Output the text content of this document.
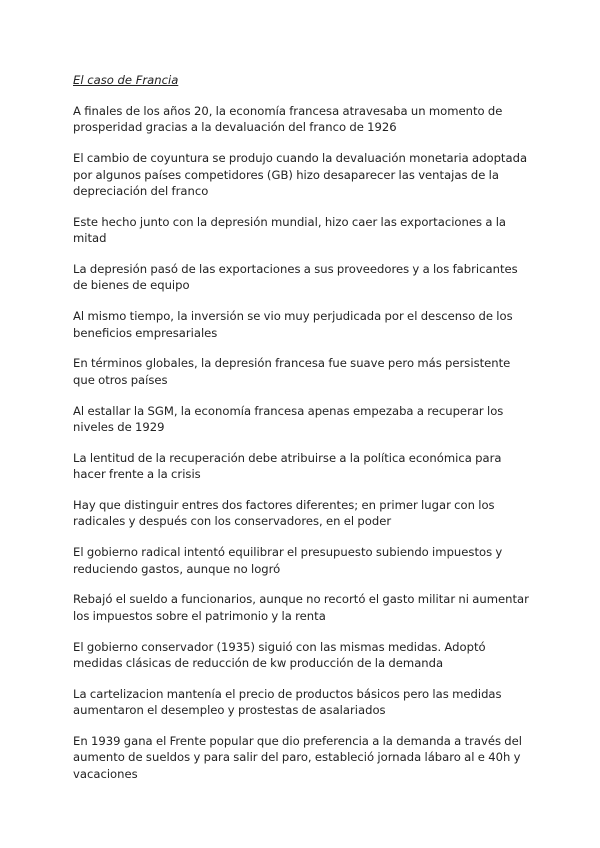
El caso de Francia

A finales de los años 20, la economía francesa atravesaba un momento de prosperidad gracias a la devaluación del franco de 1926

El cambio de coyuntura se produjo cuando la devaluación monetaria adoptada por algunos países competidores (GB) hizo desaparecer las ventajas de la depreciación del franco

Este hecho junto con la depresión mundial, hizo caer las exportaciones a la mitad

La depresión pasó de las exportaciones a sus proveedores y a los fabricantes de bienes de equipo

Al mismo tiempo, la inversión se vio muy perjudicada por el descenso de los beneficios empresariales

En términos globales, la depresión francesa fue suave pero más persistente que otros países

Al estallar la SGM, la economía francesa apenas empezaba a recuperar los niveles de 1929

La lentitud de la recuperación debe atribuirse a la política económica para hacer frente a la crisis

Hay que distinguir entres dos factores diferentes; en primer lugar con los radicales y después con los conservadores, en el poder

El gobierno radical intentó equilibrar el presupuesto subiendo impuestos y reduciendo gastos, aunque no logró

Rebajó el sueldo a funcionarios, aunque no recortó el gasto militar ni aumentar los impuestos sobre el patrimonio y la renta

El gobierno conservador (1935) siguió con las mismas medidas. Adoptó medidas clásicas de reducción de kw producción de la demanda

La cartelizacion mantenía el precio de productos básicos pero las medidas aumentaron el desempleo y prostestas de asalariados

En 1939 gana el Frente popular que dio preferencia a la demanda a través del aumento de sueldos y para salir del paro, estableció jornada lábaro al e 40h y vacaciones
